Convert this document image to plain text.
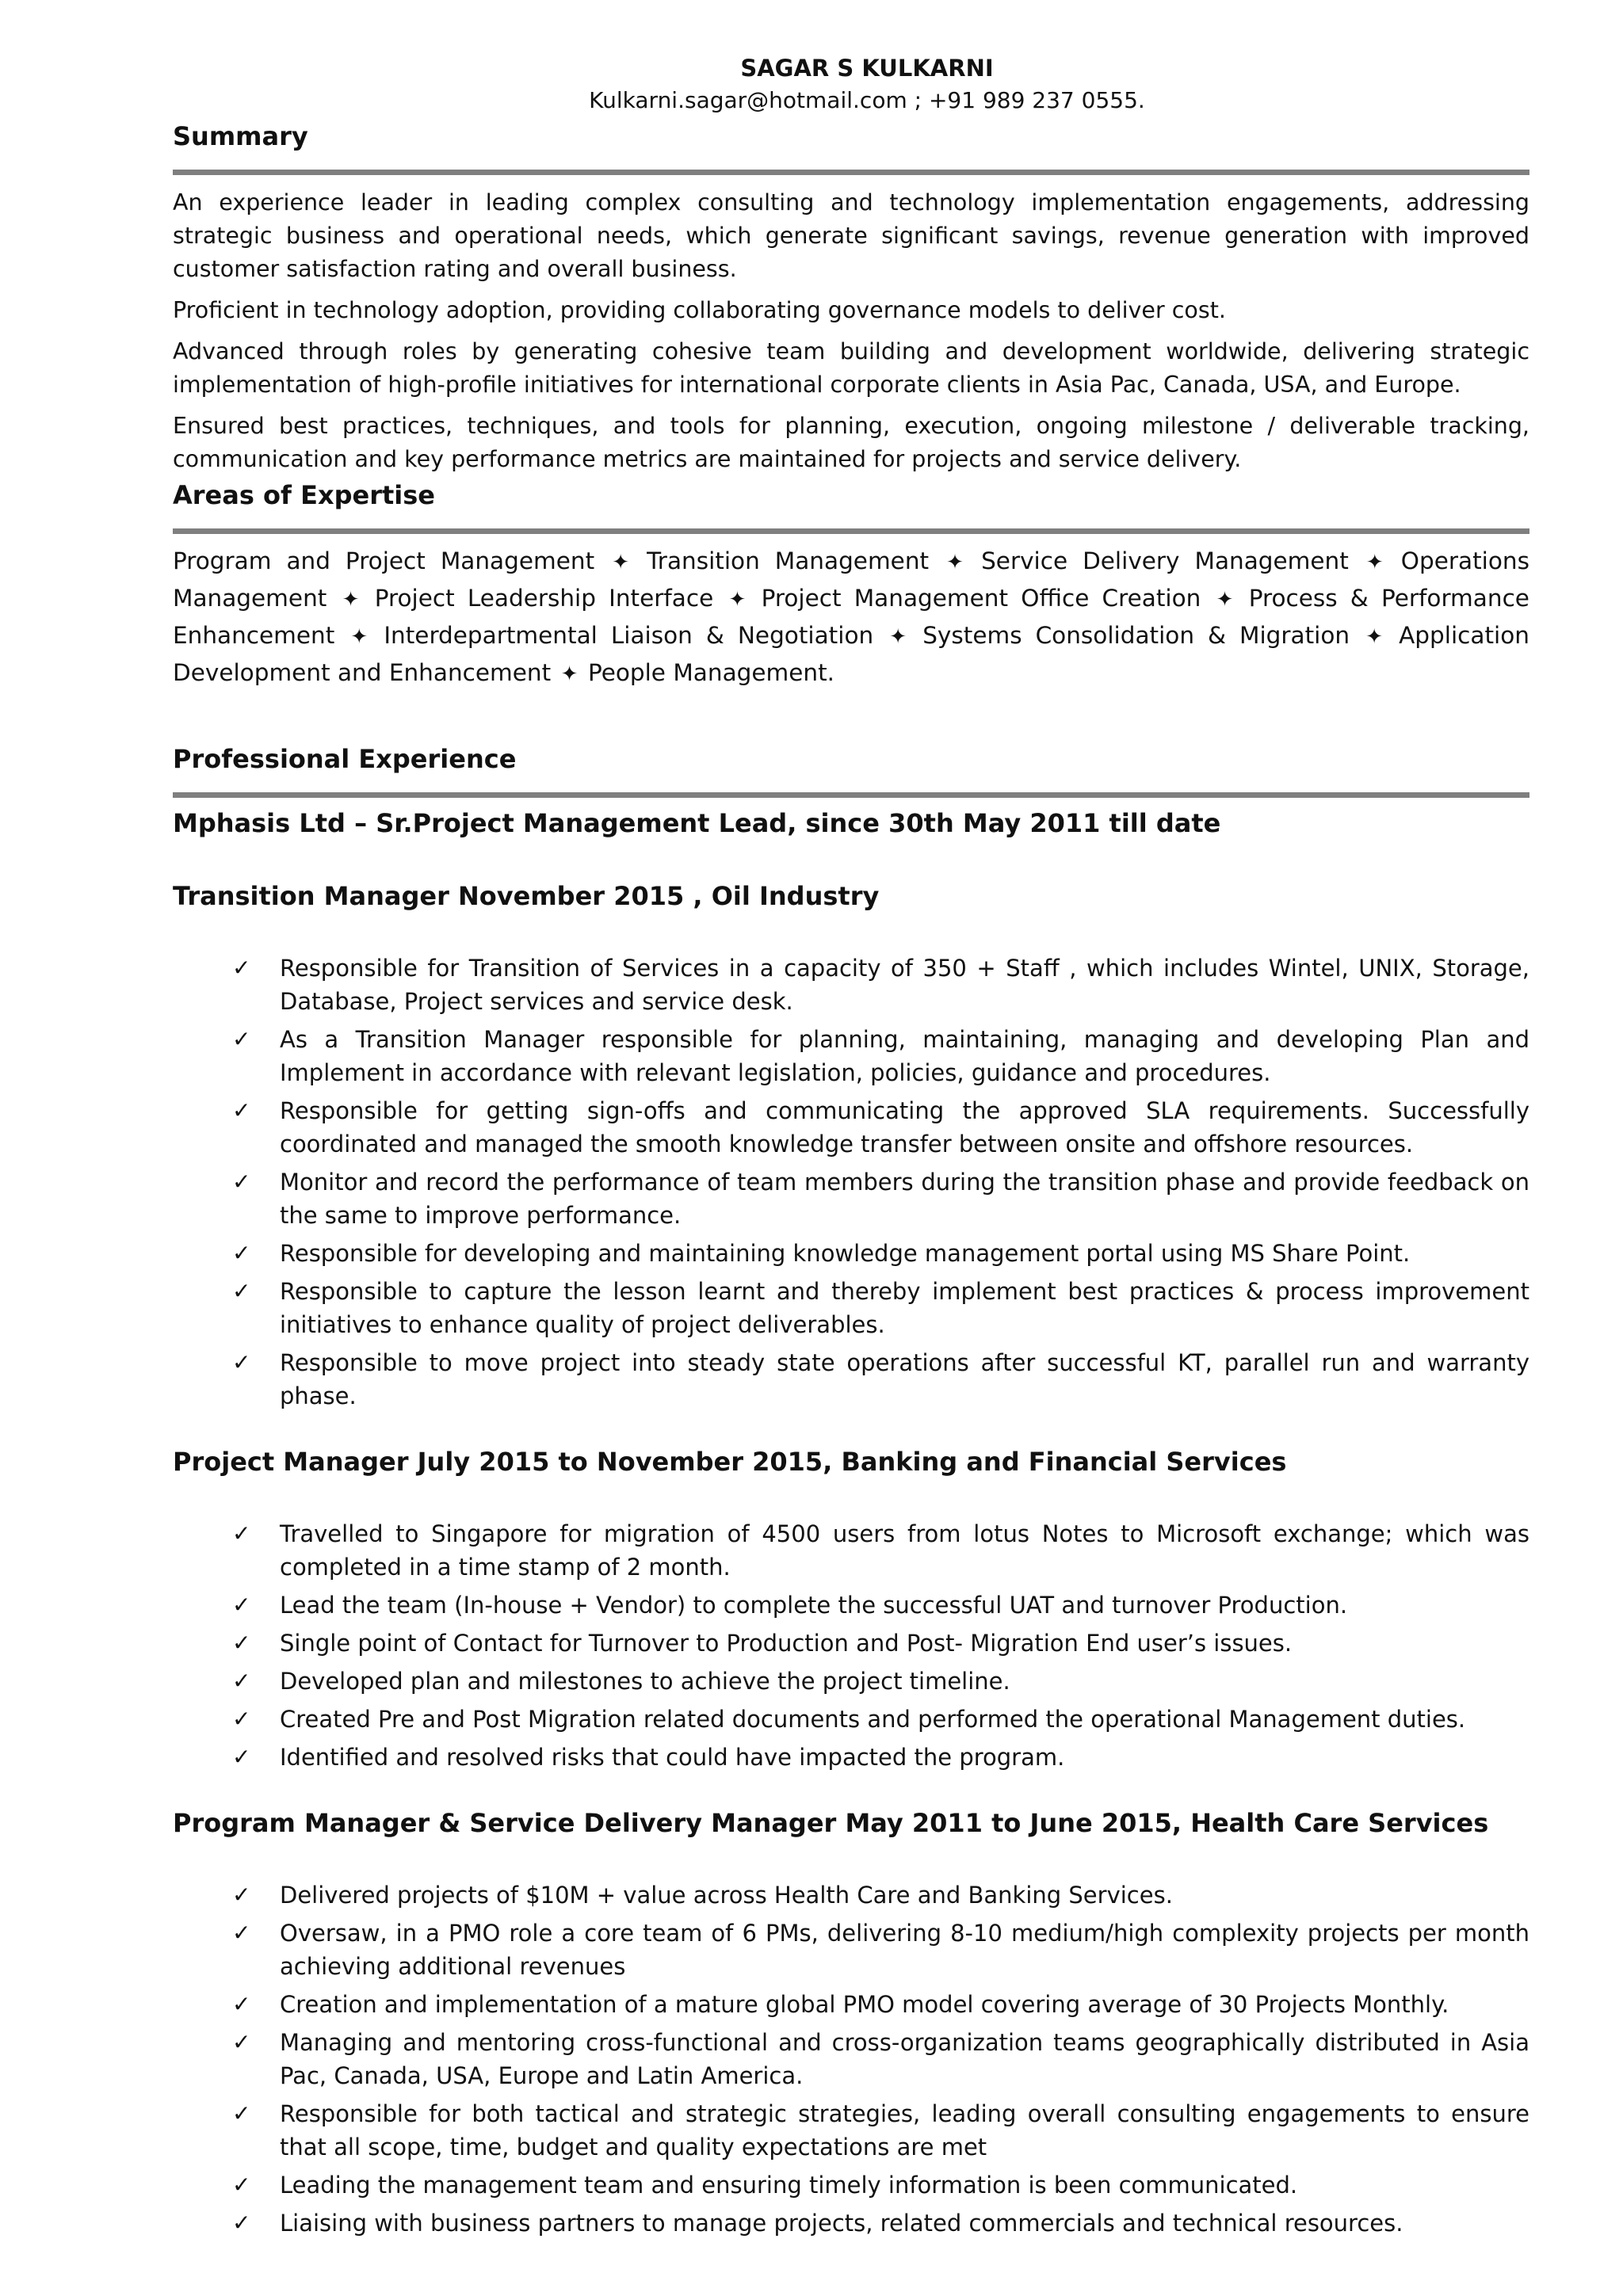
SAGAR S KULKARNI
Kulkarni.sagar@hotmail.com ; +91 989 237 0555.
Summary

An experience leader in leading complex consulting and technology implementation engagements, addressing strategic business and operational needs, which generate significant savings, revenue generation with improved customer satisfaction rating and overall business.

Proficient in technology adoption, providing collaborating governance models to deliver cost.

Advanced through roles by generating cohesive team building and development worldwide, delivering strategic implementation of high-profile initiatives for international corporate clients in Asia Pac, Canada, USA, and Europe.

Ensured best practices, techniques, and tools for planning, execution, ongoing milestone / deliverable tracking, communication and key performance metrics are maintained for projects and service delivery.

Areas of Expertise
Program and Project Management ✦ Transition Management ✦ Service Delivery Management ✦ Operations Management ✦ Project Leadership Interface ✦ Project Management Office Creation ✦ Process & Performance Enhancement ✦ Interdepartmental Liaison & Negotiation ✦ Systems Consolidation & Migration ✦ Application Development and Enhancement ✦ People Management.
Professional Experience
Mphasis Ltd – Sr.Project Management Lead, since 30th May 2011 till date
Transition Manager November 2015 , Oil Industry
✓ Responsible for Transition of Services in a capacity of 350 + Staff , which includes Wintel, UNIX, Storage, Database, Project services and service desk.
✓ As a Transition Manager responsible for planning, maintaining, managing and developing Plan and Implement in accordance with relevant legislation, policies, guidance and procedures.
✓ Responsible for getting sign-offs and communicating the approved SLA requirements. Successfully coordinated and managed the smooth knowledge transfer between onsite and offshore resources.
✓ Monitor and record the performance of team members during the transition phase and provide feedback on the same to improve performance.
✓ Responsible for developing and maintaining knowledge management portal using MS Share Point.
✓ Responsible to capture the lesson learnt and thereby implement best practices & process improvement initiatives to enhance quality of project deliverables.
✓ Responsible to move project into steady state operations after successful KT, parallel run and warranty phase.
Project Manager July 2015 to November 2015, Banking and Financial Services
✓ Travelled to Singapore for migration of 4500 users from lotus Notes to Microsoft exchange; which was completed in a time stamp of 2 month.
✓ Lead the team (In-house + Vendor) to complete the successful UAT and turnover Production.
✓ Single point of Contact for Turnover to Production and Post- Migration End user’s issues.
✓ Developed plan and milestones to achieve the project timeline.
✓ Created Pre and Post Migration related documents and performed the operational Management duties.
✓ Identified and resolved risks that could have impacted the program.
Program Manager & Service Delivery Manager May 2011 to June 2015, Health Care Services
✓ Delivered projects of $10M + value across Health Care and Banking Services.
✓ Oversaw, in a PMO role a core team of 6 PMs, delivering 8-10 medium/high complexity projects per month achieving additional revenues
✓ Creation and implementation of a mature global PMO model covering average of 30 Projects Monthly.
✓ Managing and mentoring cross-functional and cross-organization teams geographically distributed in Asia Pac, Canada, USA, Europe and Latin America.
✓ Responsible for both tactical and strategic strategies, leading overall consulting engagements to ensure that all scope, time, budget and quality expectations are met
✓ Leading the management team and ensuring timely information is been communicated.
✓ Liaising with business partners to manage projects, related commercials and technical resources.
